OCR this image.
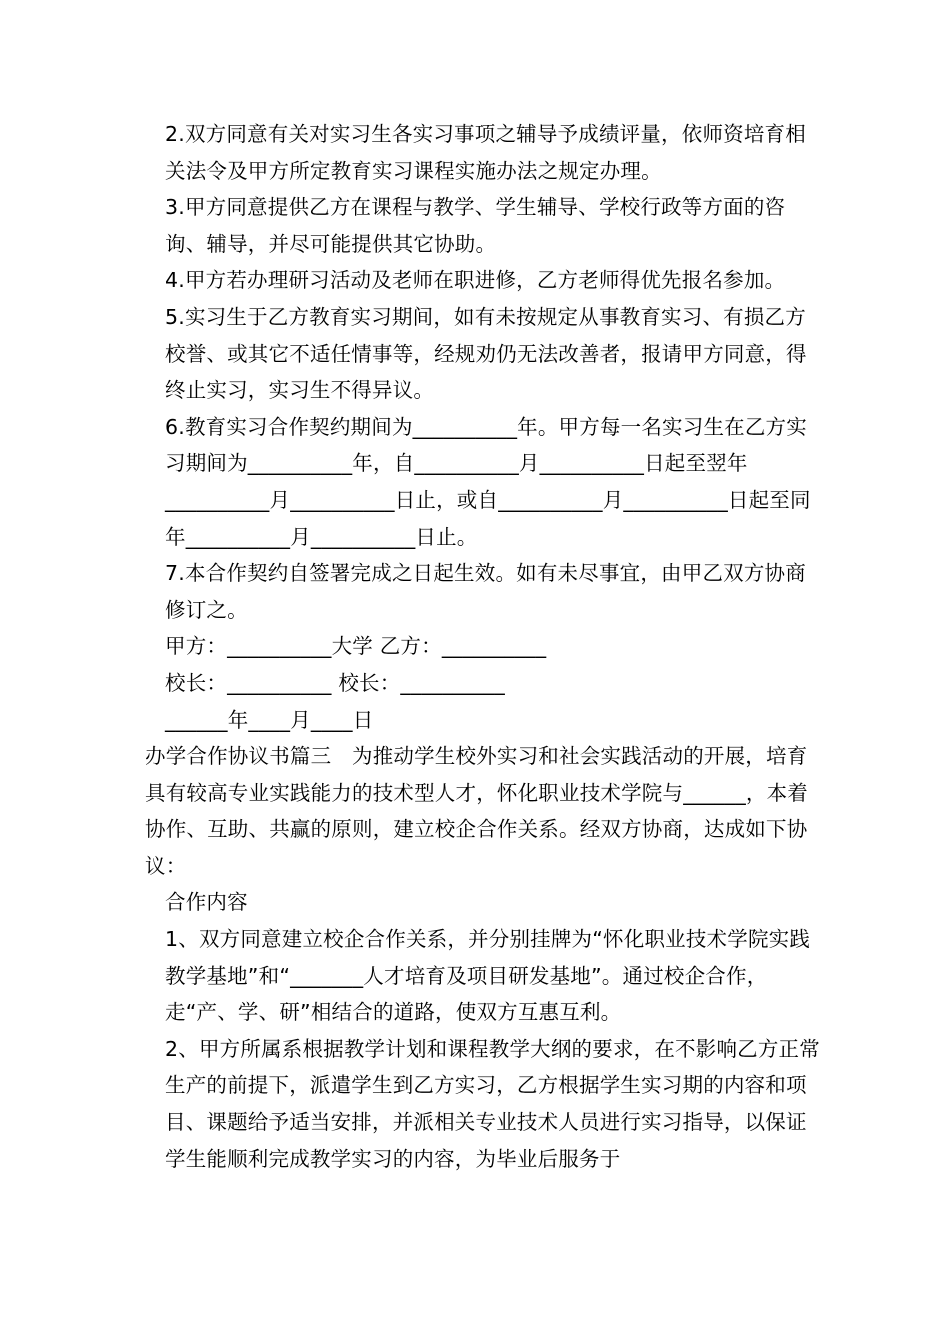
2.双方同意有关对实习生各实习事项之辅导予成绩评量，依师资培育相关法令及甲方所定教育实习课程实施办法之规定办理。

3.甲方同意提供乙方在课程与教学、学生辅导、学校行政等方面的咨询、辅导，并尽可能提供其它协助。

4.甲方若办理研习活动及老师在职进修，乙方老师得优先报名参加。

5.实习生于乙方教育实习期间，如有未按规定从事教育实习、有损乙方校誉、或其它不适任情事等，经规劝仍无法改善者，报请甲方同意，得终止实习，实习生不得异议。

6.教育实习合作契约期间为__________年。甲方每一名实习生在乙方实习期间为__________年，自__________月__________日起至翌年__________月__________日止，或自__________月__________日起至同年__________月__________日止。

7.本合作契约自签署完成之日起生效。如有未尽事宜，由甲乙双方协商修订之。

甲方：__________大学 乙方：__________

校长：__________ 校长：__________

______年____月____日

办学合作协议书篇三　为推动学生校外实习和社会实践活动的开展，培育具有较高专业实践能力的技术型人才，怀化职业技术学院与______，本着协作、互助、共赢的原则，建立校企合作关系。经双方协商，达成如下协议：

合作内容

1、双方同意建立校企合作关系，并分别挂牌为“怀化职业技术学院实践教学基地”和“_______人才培育及项目研发基地”。通过校企合作，走“产、学、研”相结合的道路，使双方互惠互利。

2、甲方所属系根据教学计划和课程教学大纲的要求，在不影响乙方正常生产的前提下，派遣学生到乙方实习，乙方根据学生实习期的内容和项目、课题给予适当安排，并派相关专业技术人员进行实习指导，以保证学生能顺利完成教学实习的内容，为毕业后服务于
